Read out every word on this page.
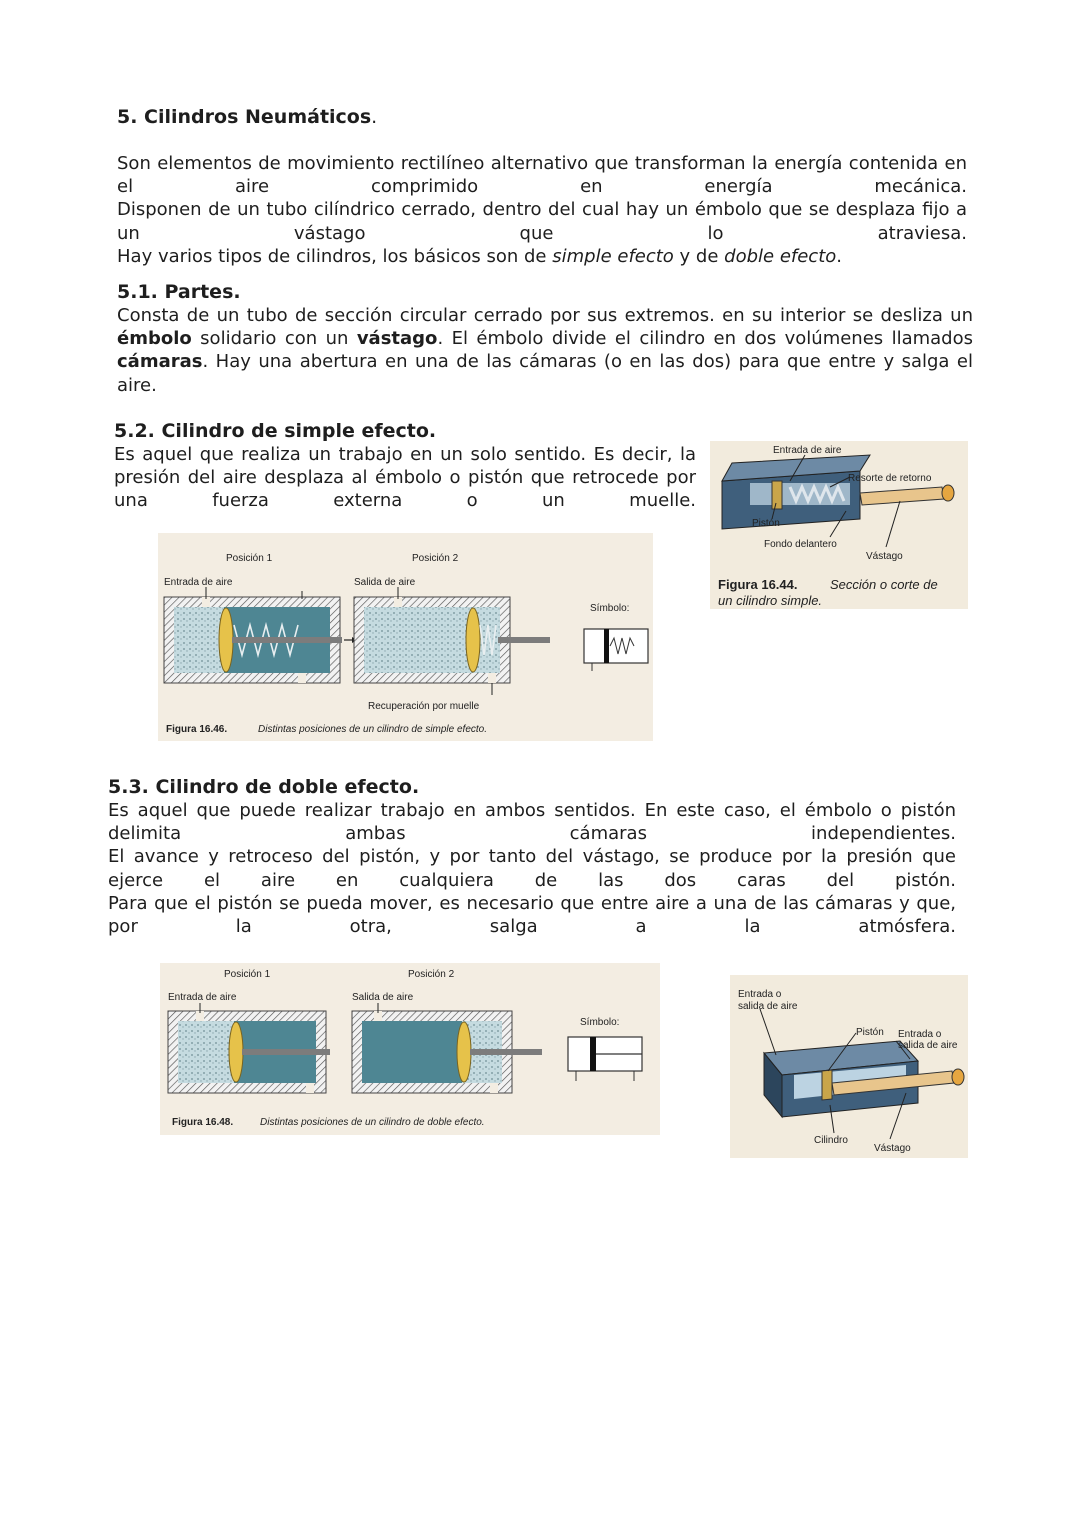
5. Cilindros Neumáticos.

Son elementos de movimiento rectilíneo alternativo que transforman la energía contenida en el aire comprimido en energía mecánica.

Disponen de un tubo cilíndrico cerrado, dentro del cual hay un émbolo que se desplaza fijo a un vástago que lo atraviesa.

Hay varios tipos de cilindros, los básicos son de simple efecto y de doble efecto.

5.1. Partes.

Consta de un tubo de sección circular cerrado por sus extremos. en su interior se desliza un émbolo solidario con un vástago. El émbolo divide el cilindro en dos volúmenes llamados cámaras. Hay una abertura en una de las cámaras (o en las dos) para que entre y salga el aire.

5.2. Cilindro de simple efecto.

Es aquel que realiza un trabajo en un solo sentido. Es decir, la presión del aire desplaza al émbolo o pistón que retrocede por una fuerza externa o un muelle.

Entrada de aire
Resorte de retorno
Pistón
Fondo delantero
Vástago
Figura 16.44.	Sección o corte de
un cilindro simple.
Posición 1	Posición 2
Entrada de aire	Salida de aire
Símbolo:
Recuperación por muelle
Figura 16.46.	Distintas posiciones de un cilindro de simple efecto.
5.3. Cilindro de doble efecto.

Es aquel que puede realizar trabajo en ambos sentidos. En este caso, el émbolo o pistón delimita ambas cámaras independientes.

El avance y retroceso del pistón, y por tanto del vástago, se produce por la presión que ejerce el aire en cualquiera de las dos caras del pistón.

Para que el pistón se pueda mover, es necesario que entre aire a una de las cámaras y que, por la otra, salga a la atmósfera.

Posición 1	Posición 2
Entrada de aire	Salida de aire
Símbolo:
Figura 16.48.	Distintas posiciones de un cilindro de doble efecto.
Entrada o
salida de aire
Pistón Entrada o
salida de aire
Cilindro
Vástago
